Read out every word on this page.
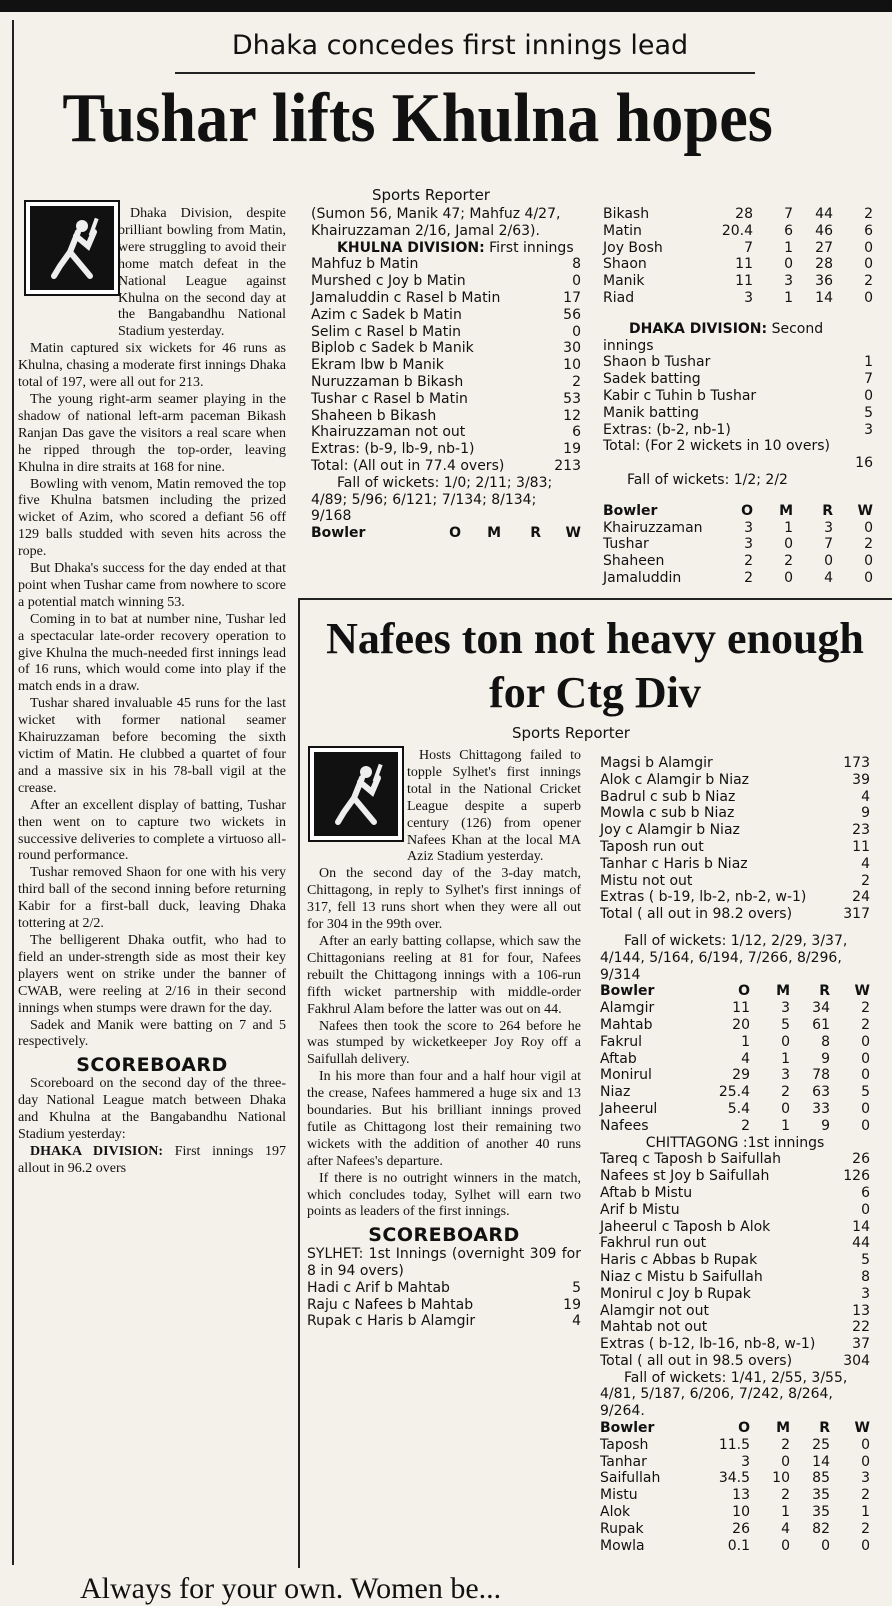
Dhaka concedes first innings lead
Tushar lifts Khulna hopes
Sports Reporter

Dhaka Division, despite brilliant bowling from Matin, were struggling to avoid their home match defeat in the National League against Khulna on the second day at the Bangabandhu National Stadium yesterday.

Matin captured six wickets for 46 runs as Khulna, chasing a moderate first innings Dhaka total of 197, were all out for 213.

The young right-arm seamer playing in the shadow of national left-arm paceman Bikash Ranjan Das gave the visitors a real scare when he ripped through the top-order, leaving Khulna in dire straits at 168 for nine.

Bowling with venom, Matin removed the top five Khulna batsmen including the prized wicket of Azim, who scored a defiant 56 off 129 balls studded with seven hits across the rope.

But Dhaka's success for the day ended at that point when Tushar came from nowhere to score a potential match winning 53.

Coming in to bat at number nine, Tushar led a spectacular late-order recovery operation to give Khulna the much-needed first innings lead of 16 runs, which would come into play if the match ends in a draw.

Tushar shared invaluable 45 runs for the last wicket with former national seamer Khairuzzaman before becoming the sixth victim of Matin. He clubbed a quartet of four and a massive six in his 78-ball vigil at the crease.

After an excellent display of batting, Tushar then went on to capture two wickets in successive deliveries to complete a virtuoso all-round performance.

Tushar removed Shaon for one with his very third ball of the second inning before returning Kabir for a first-ball duck, leaving Dhaka tottering at 2/2.

The belligerent Dhaka outfit, who had to field an under-strength side as most their key players went on strike under the banner of CWAB, were reeling at 2/16 in their second innings when stumps were drawn for the day.

Sadek and Manik were batting on 7 and 5 respectively.

SCOREBOARD

Scoreboard on the second day of the three-day National League match between Dhaka and Khulna at the Bangabandhu National Stadium yesterday:

DHAKA DIVISION: First innings 197 allout in 96.2 overs

(Sumon 56, Manik 47; Mahfuz 4/27, Khairuzzaman 2/16, Jamal 2/63).
KHULNA DIVISION: First innings
Mahfuz b Matin	8
Murshed c Joy b Matin	0
Jamaluddin c Rasel b Matin	17
Azim c Sadek b Matin	56
Selim c Rasel b Matin	0
Biplob c Sadek b Manik	30
Ekram lbw b Manik	10
Nuruzzaman b Bikash	2
Tushar c Rasel b Matin	53
Shaheen b Bikash	12
Khairuzzaman not out	6
Extras: (b-9, lb-9, nb-1)	19
Total: (All out in 77.4 overs)	213
Fall of wickets: 1/0; 2/11; 3/83; 4/89; 5/96; 6/121; 7/134; 8/134; 9/168
Bowler	O	M	R	W
Bikash	28	7	44	2
Matin	20.4	6	46	6
Joy Bosh	7	1	27	0
Shaon	11	0	28	0
Manik	11	3	36	2
Riad	3	1	14	0
DHAKA DIVISION: Second innings
Shaon b Tushar	1
Sadek batting	7
Kabir c Tuhin b Tushar	0
Manik batting	5
Extras: (b-2, nb-1)	3
Total: (For 2 wickets in 10 overs)
16
Fall of wickets: 1/2; 2/2
Bowler	O	M	R	W
Khairuzzaman	3	1	3	0
Tushar	3	0	7	2
Shaheen	2	2	0	0
Jamaluddin	2	0	4	0
Nafees ton not heavy enough for Ctg Div
Sports Reporter

Hosts Chittagong failed to topple Sylhet's first innings total in the National Cricket League despite a superb century (126) from opener Nafees Khan at the local MA Aziz Stadium yesterday.

On the second day of the 3-day match, Chittagong, in reply to Sylhet's first innings of 317, fell 13 runs short when they were all out for 304 in the 99th over.

After an early batting collapse, which saw the Chittagonians reeling at 81 for four, Nafees rebuilt the Chittagong innings with a 106-run fifth wicket partnership with middle-order Fakhrul Alam before the latter was out on 44.

Nafees then took the score to 264 before he was stumped by wicketkeeper Joy Roy off a Saifullah delivery.

In his more than four and a half hour vigil at the crease, Nafees hammered a huge six and 13 boundaries. But his brilliant innings proved futile as Chittagong lost their remaining two wickets with the addition of another 40 runs after Nafees's departure.

If there is no outright winners in the match, which concludes today, Sylhet will earn two points as leaders of the first innings.

SCOREBOARD
SYLHET: 1st Innings (overnight 309 for 8 in 94 overs)
Hadi c Arif b Mahtab	5
Raju c Nafees b Mahtab	19
Rupak c Haris b Alamgir	4
Magsi b Alamgir	173
Alok c Alamgir b Niaz	39
Badrul c sub b Niaz	4
Mowla c sub b Niaz	9
Joy c Alamgir b Niaz	23
Taposh run out	11
Tanhar c Haris b Niaz	4
Mistu not out	2
Extras ( b-19, lb-2, nb-2, w-1)	24
Total ( all out in 98.2 overs)	317
Fall of wickets: 1/12, 2/29, 3/37, 4/144, 5/164, 6/194, 7/266, 8/296, 9/314
Bowler	O	M	R	W
Alamgir	11	3	34	2
Mahtab	20	5	61	2
Fakrul	1	0	8	0
Aftab	4	1	9	0
Monirul	29	3	78	0
Niaz	25.4	2	63	5
Jaheerul	5.4	0	33	0
Nafees	2	1	9	0
CHITTAGONG :1st innings
Tareq c Taposh b Saifullah	26
Nafees st Joy b Saifullah	126
Aftab b Mistu	6
Arif b Mistu	0
Jaheerul c Taposh b Alok	14
Fakhrul run out	44
Haris c Abbas b Rupak	5
Niaz c Mistu b Saifullah	8
Monirul c Joy b Rupak	3
Alamgir not out	13
Mahtab not out	22
Extras ( b-12, lb-16, nb-8, w-1)	37
Total ( all out in 98.5 overs)	304
Fall of wickets: 1/41, 2/55, 3/55, 4/81, 5/187, 6/206, 7/242, 8/264, 9/264.
Bowler	O	M	R	W
Taposh	11.5	2	25	0
Tanhar	3	0	14	0
Saifullah	34.5	10	85	3
Mistu	13	2	35	2
Alok	10	1	35	1
Rupak	26	4	82	2
Mowla	0.1	0	0	0
Always for your own. Women be...
